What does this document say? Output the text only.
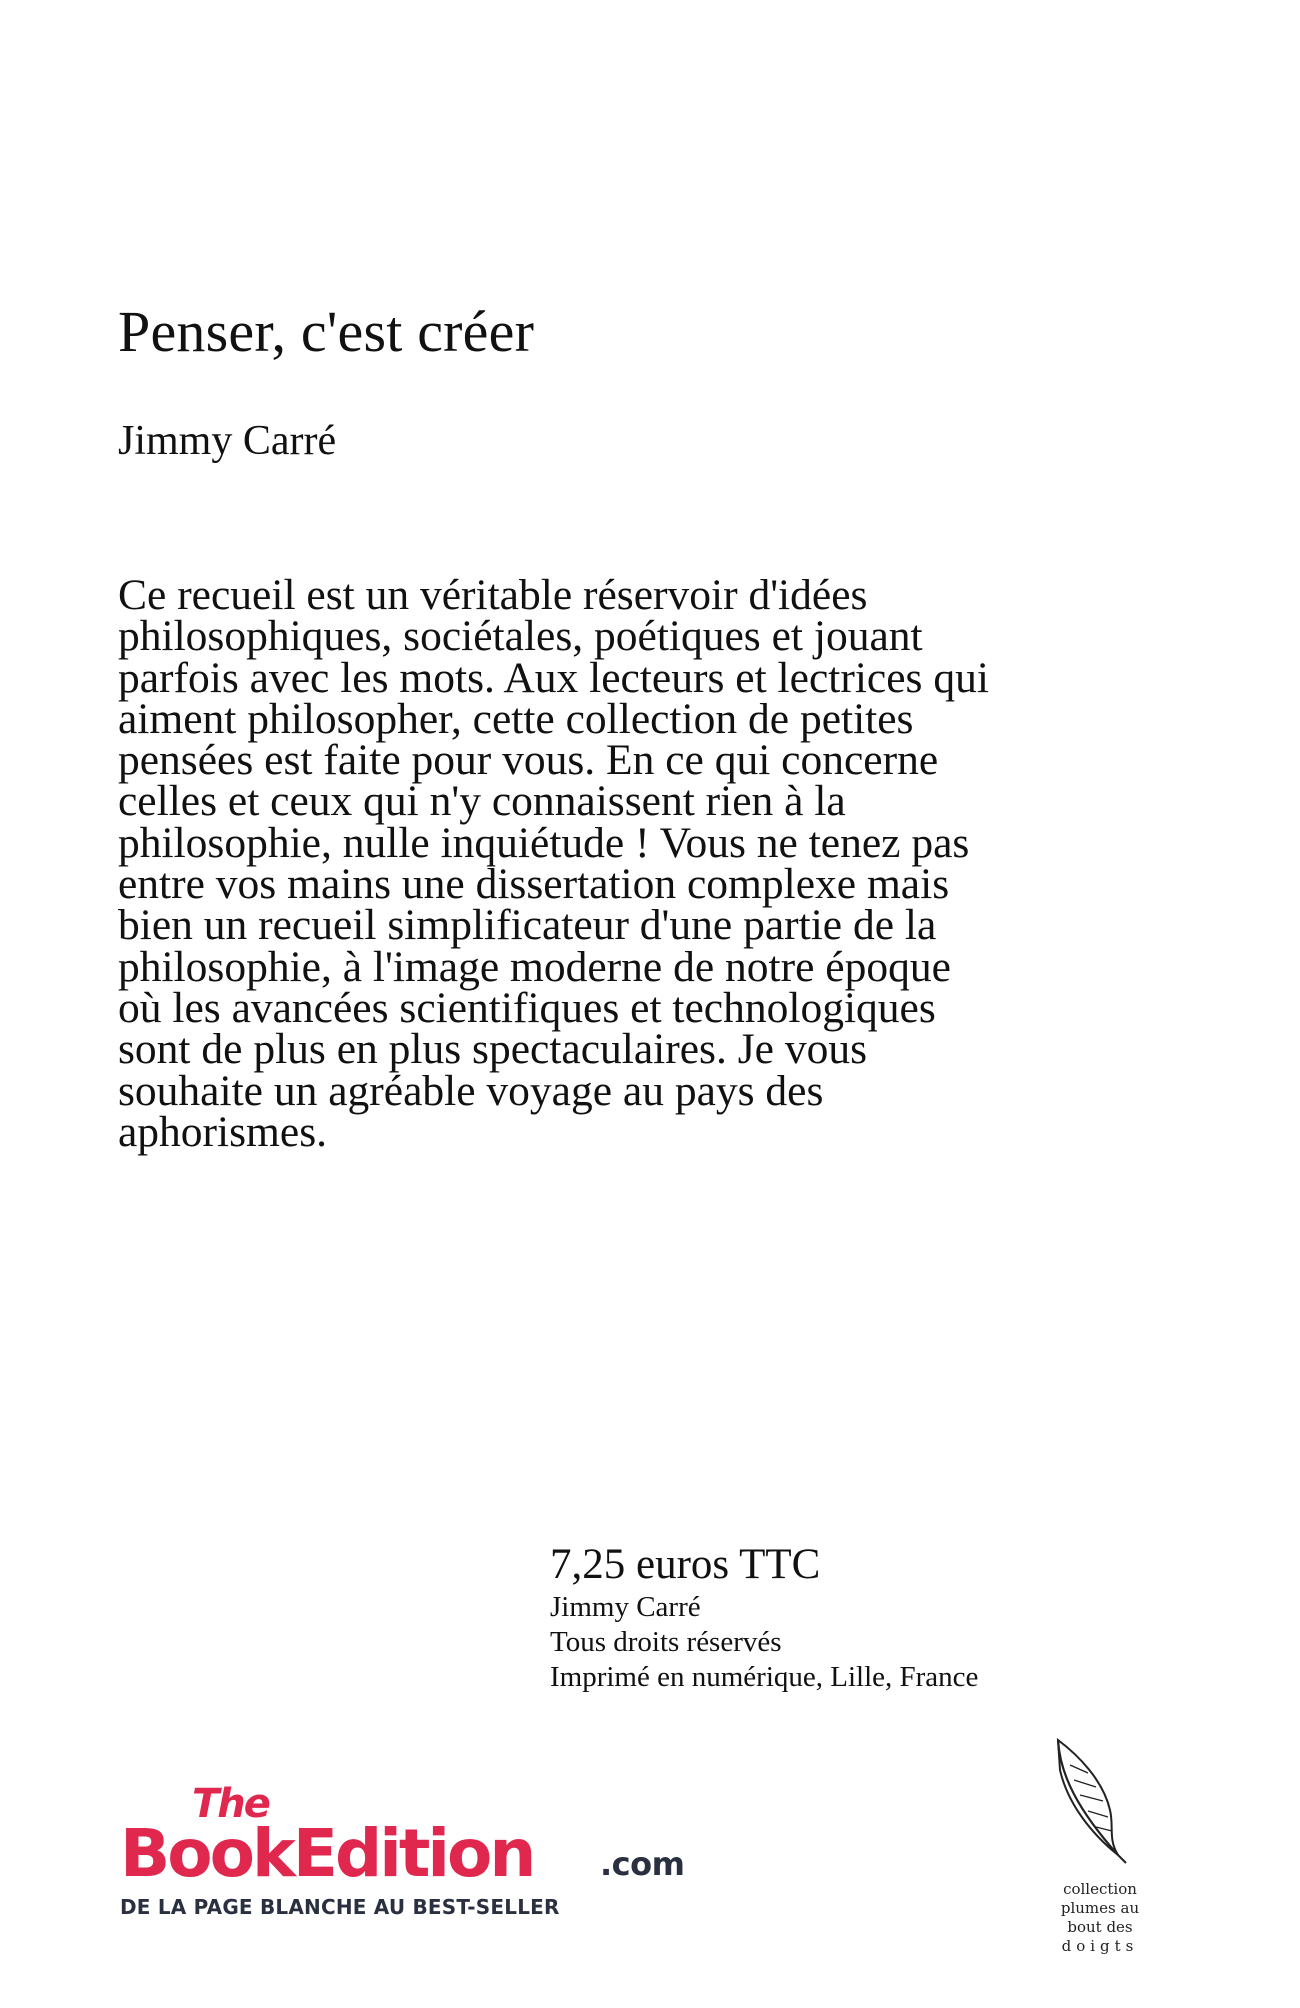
Penser, c'est créer
Jimmy Carré

Ce recueil est un véritable réservoir d'idées philosophiques, sociétales, poétiques et jouant parfois avec les mots. Aux lecteurs et lectrices qui aiment philosopher, cette collection de petites pensées est faite pour vous. En ce qui concerne celles et ceux qui n'y connaissent rien à la philosophie, nulle inquiétude ! Vous ne tenez pas entre vos mains une dissertation complexe mais bien un recueil simplificateur d'une partie de la philosophie, à l'image moderne de notre époque où les avancées scientifiques et technologiques sont de plus en plus spectaculaires. Je vous souhaite un agréable voyage au pays des aphorismes.

7,25 euros TTC
Jimmy Carré
Tous droits réservés
Imprimé en numérique, Lille, France
The
BookEdition .com
DE LA PAGE BLANCHE AU BEST-SELLER
collection
plumes au
bout des
doigts
